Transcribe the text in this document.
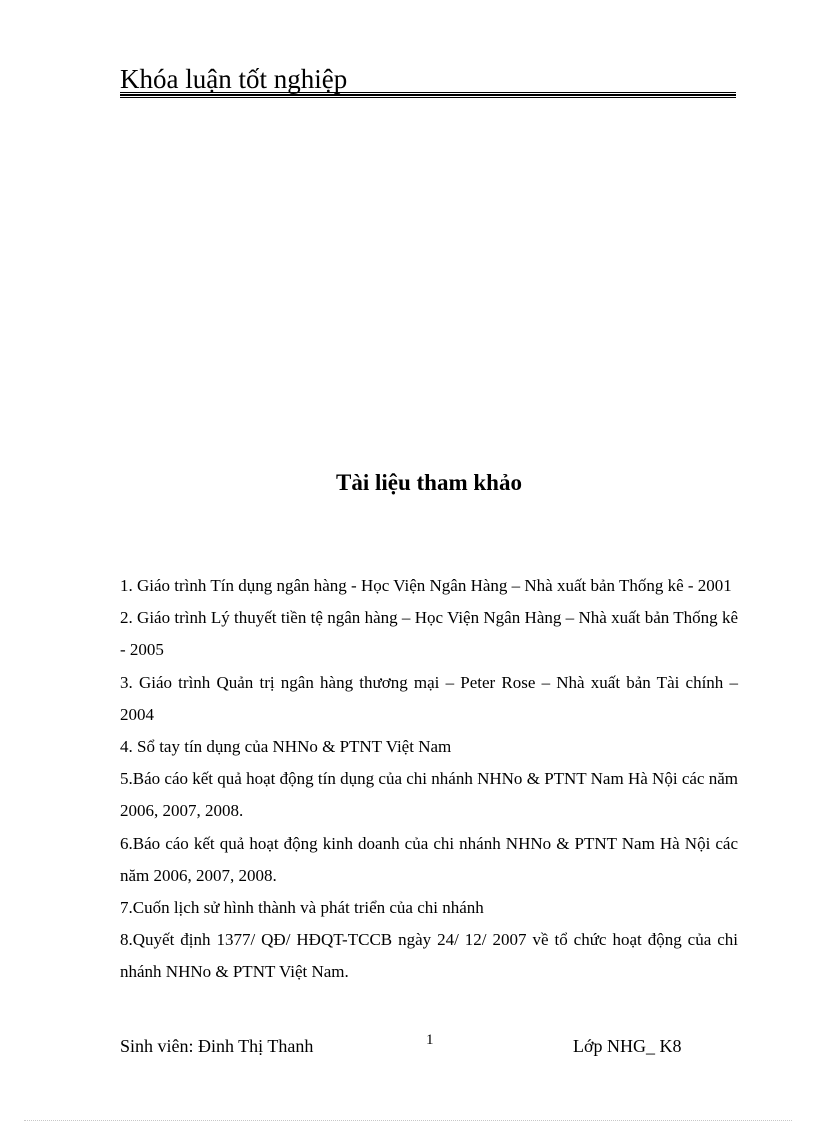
Khóa luận tốt nghiệp
Tài liệu tham khảo
1. Giáo trình Tín dụng ngân hàng - Học Viện Ngân Hàng – Nhà xuất bản Thống kê - 2001
2. Giáo trình Lý thuyết tiền tệ ngân hàng – Học Viện Ngân Hàng – Nhà xuất bản Thống kê - 2005
3. Giáo trình Quản trị ngân hàng thương mại – Peter Rose – Nhà xuất bản Tài chính – 2004
4. Sổ tay tín dụng của NHNo & PTNT Việt Nam
5.Báo cáo kết quả hoạt động tín dụng của chi nhánh NHNo & PTNT Nam Hà Nội các năm 2006, 2007, 2008.
6.Báo cáo kết quả hoạt động kinh doanh của chi nhánh NHNo & PTNT Nam Hà Nội các năm 2006, 2007, 2008.
7.Cuốn lịch sử hình thành và phát triển của chi nhánh
8.Quyết định 1377/ QĐ/ HĐQT-TCCB ngày 24/ 12/ 2007 về tổ chức hoạt động của chi nhánh NHNo & PTNT Việt Nam.
Sinh viên: Đinh Thị Thanh	1	Lớp NHG_ K8
